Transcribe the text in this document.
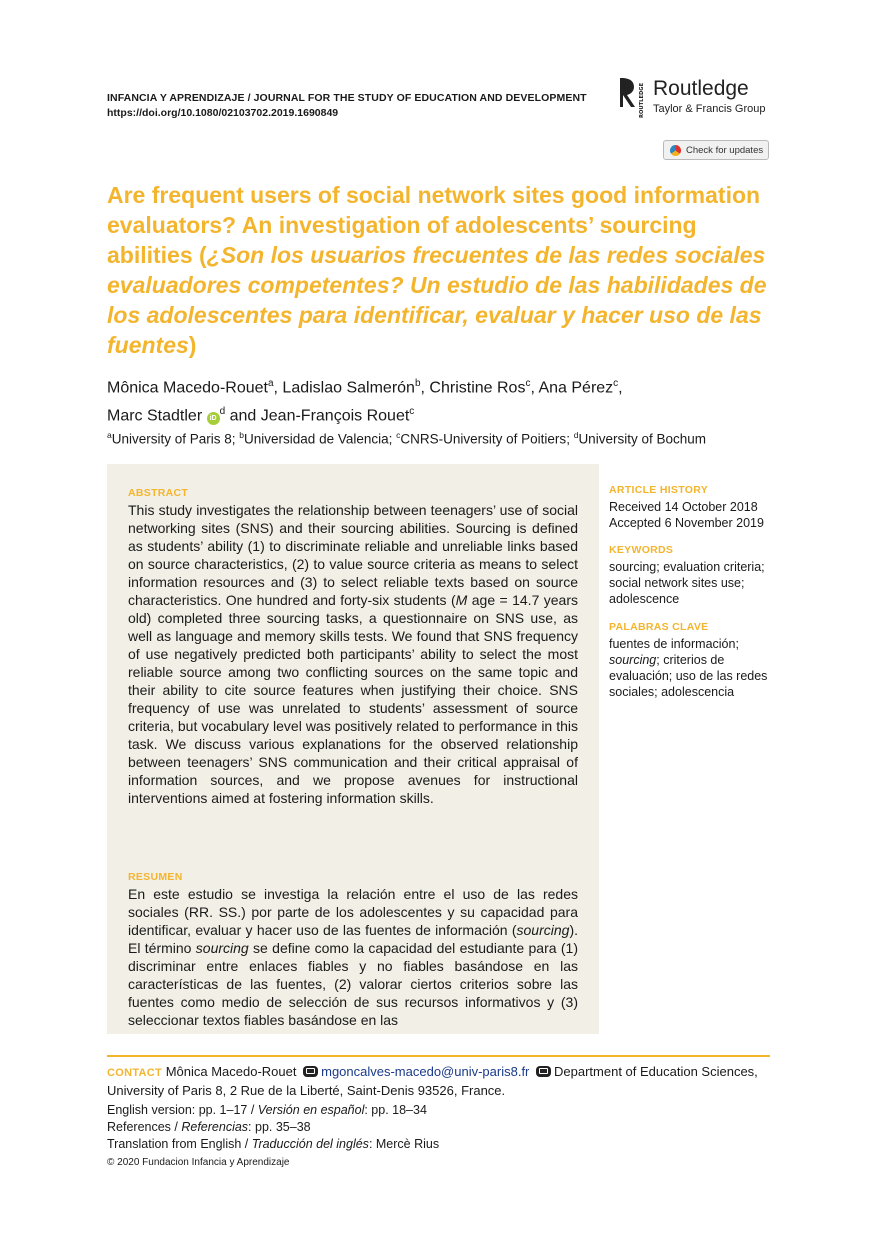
INFANCIA Y APRENDIZAJE / JOURNAL FOR THE STUDY OF EDUCATION AND DEVELOPMENT
https://doi.org/10.1080/02103702.2019.1690849	ROUTLEDGE Routledge
Taylor & Francis Group
Check for updates
Are frequent users of social network sites good information evaluators? An investigation of adolescents’ sourcing abilities (¿Son los usuarios frecuentes de las redes sociales evaluadores competentes? Un estudio de las habilidades de los adolescentes para identificar, evaluar y hacer uso de las fuentes)
Mônica Macedo-Rouet$^a$, Ladislao Salmerón$^b$, Christine Ros$^c$, Ana Pérez$^c$,
Marc Stadtler $iD^d$ and Jean-François Rouet$^c$
$^a$University of Paris 8; $^b$Universidad de Valencia; $^c$CNRS-University of Poitiers; $^d$University of Bochum
ABSTRACT
This study investigates the relationship between teenagers’ use of social networking sites (SNS) and their sourcing abilities. Sourcing is defined as students’ ability (1) to discriminate reliable and unreliable links based on source characteristics, (2) to value source criteria as means to select information resources and (3) to select reliable texts based on source characteristics. One hundred and forty-six students (M age = 14.7 years old) completed three sourcing tasks, a questionnaire on SNS use, as well as language and memory skills tests. We found that SNS frequency of use negatively predicted both participants’ ability to select the most reliable source among two conflicting sources on the same topic and their ability to cite source features when justifying their choice. SNS frequency of use was unrelated to students’ assessment of source criteria, but vocabulary level was positively related to performance in this task. We discuss various explanations for the observed relationship between teenagers’ SNS communication and their critical appraisal of information sources, and we propose avenues for instructional interventions aimed at fostering information skills.
RESUMEN
En este estudio se investiga la relación entre el uso de las redes sociales (RR. SS.) por parte de los adolescentes y su capacidad para identificar, evaluar y hacer uso de las fuentes de información (sourcing). El término sourcing se define como la capacidad del estudiante para (1) discriminar entre enlaces fiables y no fiables basándose en las características de las fuentes, (2) valorar ciertos criterios sobre las fuentes como medio de selección de sus recursos informativos y (3) seleccionar textos fiables basándose en las
ARTICLE HISTORY
Received 14 October 2018
Accepted 6 November 2019
KEYWORDS
sourcing; evaluation criteria; social network sites use; adolescence
PALABRAS CLAVE
fuentes de información; sourcing; criterios de evaluación; uso de las redes sociales; adolescencia
CONTACT Mônica Macedo-Rouet mgoncalves-macedo@univ-paris8.fr Department of Education Sciences, University of Paris 8, 2 Rue de la Liberté, Saint-Denis 93526, France.
English version: pp. 1–17 / Versión en español: pp. 18–34
References / Referencias: pp. 35–38
Translation from English / Traducción del inglés: Mercè Rius
© 2020 Fundacion Infancia y Aprendizaje
